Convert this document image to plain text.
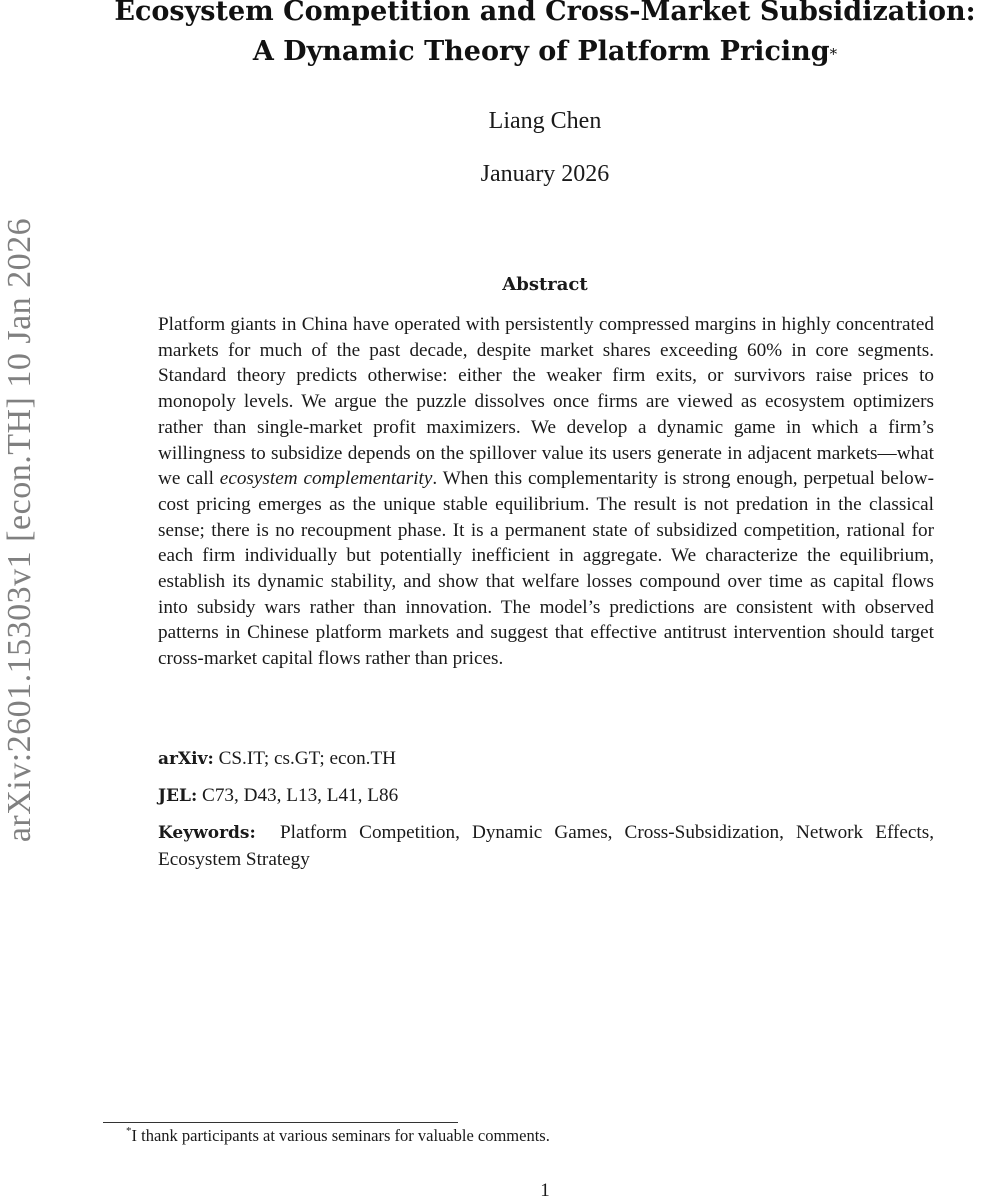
arXiv:2601.15303v1 [econ.TH] 10 Jan 2026
Ecosystem Competition and Cross-Market Subsidization:
A Dynamic Theory of Platform Pricing*
Liang Chen
January 2026
Abstract

Platform giants in China have operated with persistently compressed margins in highly concentrated markets for much of the past decade, despite market shares exceeding 60% in core segments. Standard theory predicts otherwise: either the weaker firm exits, or survivors raise prices to monopoly levels. We argue the puzzle dissolves once firms are viewed as ecosystem optimizers rather than single-market profit maximizers. We develop a dynamic game in which a firm’s willingness to subsidize depends on the spillover value its users generate in adjacent markets—what we call ecosystem complementarity. When this complementarity is strong enough, perpetual below-cost pricing emerges as the unique stable equilibrium. The result is not predation in the classical sense; there is no recoupment phase. It is a permanent state of subsidized competition, rational for each firm individually but potentially inefficient in aggregate. We characterize the equilibrium, establish its dynamic stability, and show that welfare losses compound over time as capital flows into subsidy wars rather than innovation. The model’s predictions are consistent with observed patterns in Chinese platform markets and suggest that effective antitrust intervention should target cross-market capital flows rather than prices.

arXiv: CS.IT; cs.GT; econ.TH

JEL: C73, D43, L13, L41, L86

Keywords: Platform Competition, Dynamic Games, Cross-Subsidization, Network Effects, Ecosystem Strategy

*I thank participants at various seminars for valuable comments.

1
